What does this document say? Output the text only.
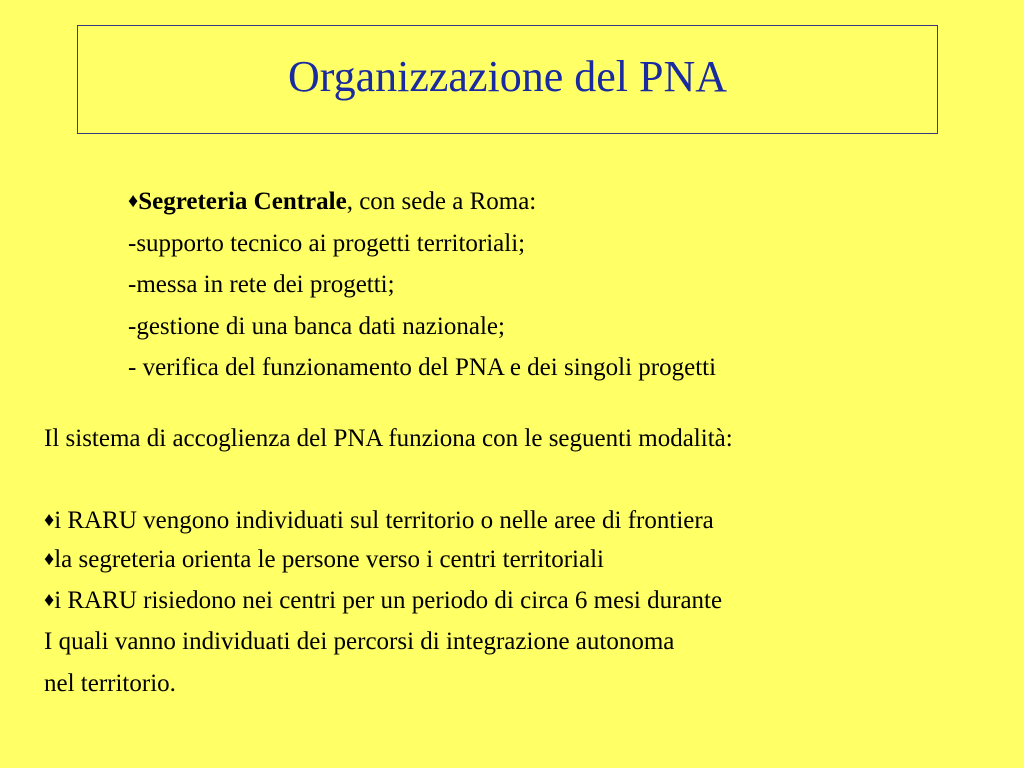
Organizzazione del PNA
♦Segreteria Centrale, con sede a Roma:
-supporto tecnico ai progetti territoriali;
-messa in rete dei progetti;
-gestione di una banca dati nazionale;
- verifica del funzionamento del PNA e dei singoli progetti
Il sistema di accoglienza del PNA funziona con le seguenti modalità:
♦i RARU vengono individuati sul territorio o nelle aree di frontiera
♦la segreteria orienta le persone verso i centri territoriali
♦i RARU risiedono nei centri per un periodo di circa 6 mesi durante
I quali vanno individuati dei percorsi di integrazione autonoma
nel territorio.
